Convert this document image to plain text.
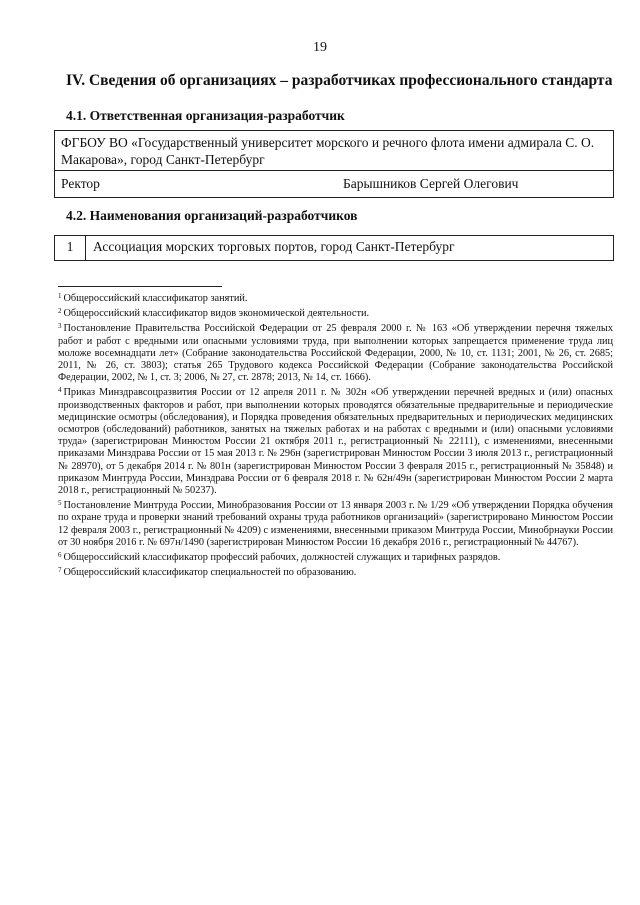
19
IV. Сведения об организациях – разработчиках профессионального стандарта
4.1. Ответственная организация-разработчик
ФГБОУ ВО «Государственный университет морского и речного флота имени адмирала С. О. Макарова», город Санкт-Петербург
Ректор	Барышников Сергей Олегович
4.2. Наименования организаций-разработчиков
1	Ассоциация морских торговых портов, город Санкт-Петербург

$^1$ Общероссийский классификатор занятий.

$^2$ Общероссийский классификатор видов экономической деятельности.

$^3$ Постановление Правительства Российской Федерации от 25 февраля 2000 г. № 163 «Об утверждении перечня тяжелых работ и работ с вредными или опасными условиями труда, при выполнении которых запрещается применение труда лиц моложе восемнадцати лет» (Собрание законодательства Российской Федерации, 2000, № 10, ст. 1131; 2001, № 26, ст. 2685; 2011, № 26, ст. 3803); статья 265 Трудового кодекса Российской Федерации (Собрание законодательства Российской Федерации, 2002, № 1, ст. 3; 2006, № 27, ст. 2878; 2013, № 14, ст. 1666).

$^4$ Приказ Минздравсоцразвития России от 12 апреля 2011 г. № 302н «Об утверждении перечней вредных и (или) опасных производственных факторов и работ, при выполнении которых проводятся обязательные предварительные и периодические медицинские осмотры (обследования), и Порядка проведения обязательных предварительных и периодических медицинских осмотров (обследований) работников, занятых на тяжелых работах и на работах с вредными и (или) опасными условиями труда» (зарегистрирован Минюстом России 21 октября 2011 г., регистрационный № 22111), с изменениями, внесенными приказами Минздрава России от 15 мая 2013 г. № 296н (зарегистрирован Минюстом России 3 июля 2013 г., регистрационный № 28970), от 5 декабря 2014 г. № 801н (зарегистрирован Минюстом России 3 февраля 2015 г., регистрационный № 35848) и приказом Минтруда России, Минздрава России от 6 февраля 2018 г. № 62н/49н (зарегистрирован Минюстом России 2 марта 2018 г., регистрационный № 50237).

$^5$ Постановление Минтруда России, Минобразования России от 13 января 2003 г. № 1/29 «Об утверждении Порядка обучения по охране труда и проверки знаний требований охраны труда работников организаций» (зарегистрировано Минюстом России 12 февраля 2003 г., регистрационный № 4209) с изменениями, внесенными приказом Минтруда России, Минобрнауки России от 30 ноября 2016 г. № 697н/1490 (зарегистрирован Минюстом России 16 декабря 2016 г., регистрационный № 44767).

$^6$ Общероссийский классификатор профессий рабочих, должностей служащих и тарифных разрядов.

$^7$ Общероссийский классификатор специальностей по образованию.
